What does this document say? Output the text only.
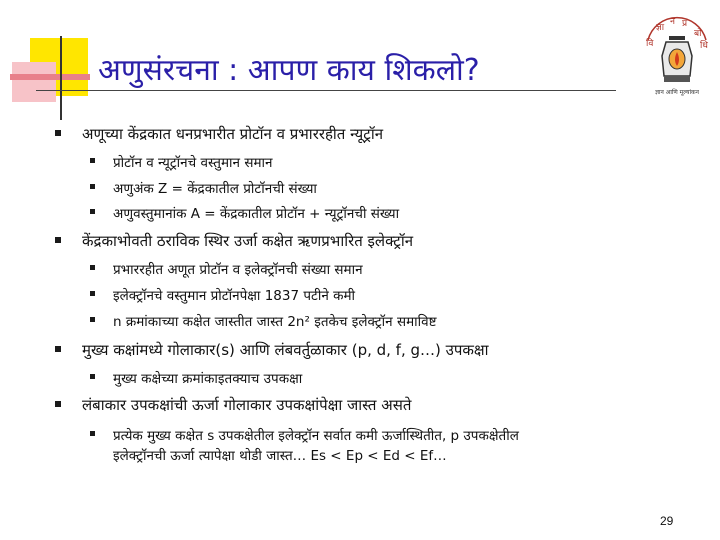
अणुसंरचना : आपण काय शिकलो?
वि
ज्ञा
न प्र
बो
धि
ज्ञान आणि मूल्यांकन
अणूच्या केंद्रकात धनप्रभारीत प्रोटॉन व प्रभाररहीत न्यूट्रॉन
प्रोटॉन व न्यूट्रॉनचे वस्तुमान समान
अणुअंक Z = केंद्रकातील प्रोटॉनची संख्या
अणुवस्तुमानांक A = केंद्रकातील प्रोटॉन + न्यूट्रॉनची संख्या
केंद्रकाभोवती ठराविक स्थिर उर्जा कक्षेत ऋणप्रभारित इलेक्ट्रॉन
प्रभाररहीत अणूत प्रोटॉन व इलेक्ट्रॉनची संख्या समान
इलेक्ट्रॉनचे वस्तुमान प्रोटॉनपेक्षा 1837 पटीने कमी
n क्रमांकाच्या कक्षेत जास्तीत जास्त 2n² इतकेच इलेक्ट्रॉन समाविष्ट
मुख्य कक्षांमध्ये गोलाकार(s) आणि लंबवर्तुळाकार (p, d, f, g…) उपकक्षा
मुख्य कक्षेच्या क्रमांकाइतक्याच उपकक्षा
लंबाकार उपकक्षांची ऊर्जा गोलाकार उपकक्षांपेक्षा जास्त असते
प्रत्येक मुख्य कक्षेत s उपकक्षेतील इलेक्ट्रॉन सर्वात कमी ऊर्जास्थितीत, p उपकक्षेतील
इलेक्ट्रॉनची ऊर्जा त्यापेक्षा थोडी जास्त… Es < Ep < Ed < Ef…
29
